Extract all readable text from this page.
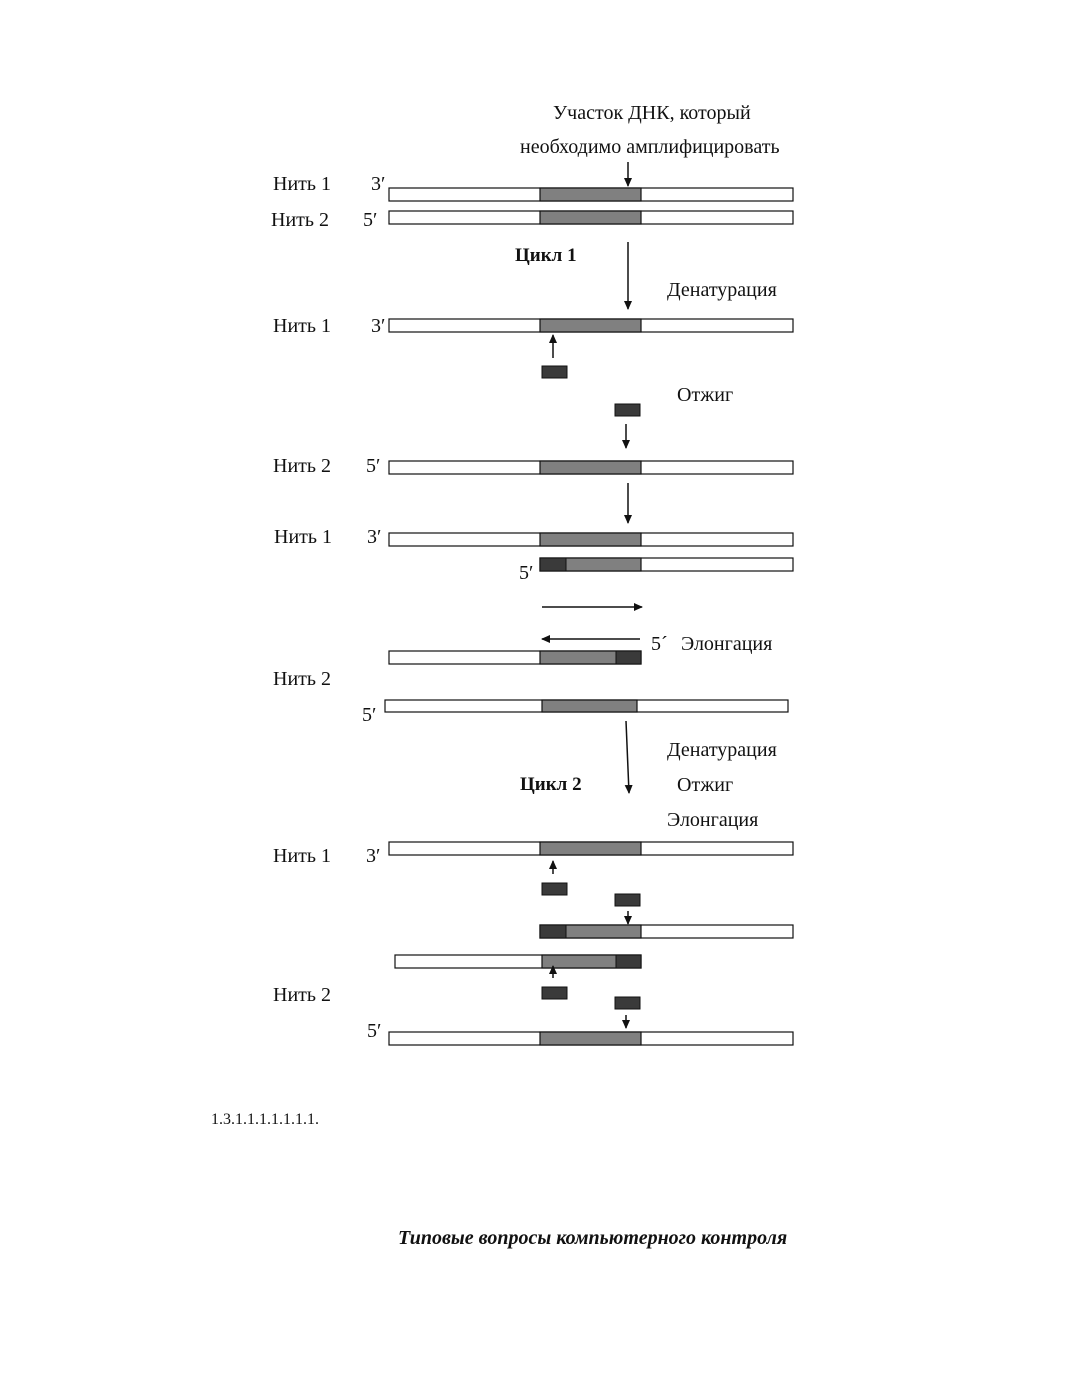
Участок ДНК, который
необходимо амплифицировать
Нить 1 3′
Нить 2 5′
Цикл 1
Денатурация
Нить 1 3′
Отжиг
Нить 2 5′
Нить 1 3′
5′
5ˊ Элонгация
Нить 2
5′
Денатурация
Цикл 2	Отжиг
Элонгация
Нить 1 3′
Нить 2
5′
1.3.1.1.1.1.1.1.1.
Типовые вопросы компьютерного контроля
